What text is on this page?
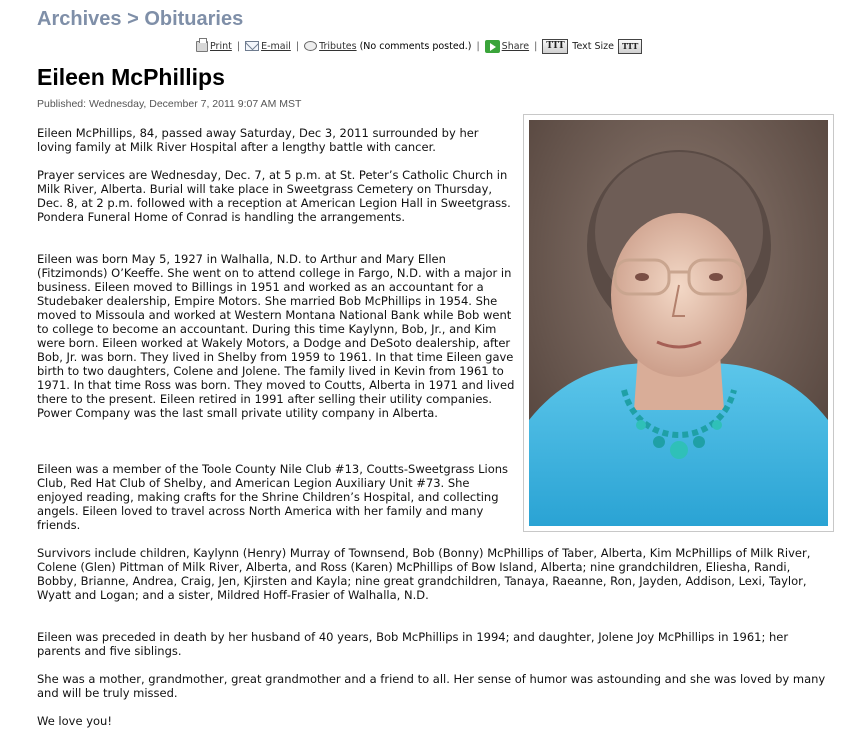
Archives > Obituaries
Print | E-mail | Tributes (No comments posted.) | Share |	TTT Text Size	TTT
Eileen McPhillips
Published: Wednesday, December 7, 2011 9:07 AM MST

Eileen McPhillips, 84, passed away Saturday, Dec 3, 2011 surrounded by her loving family at Milk River Hospital after a lengthy battle with cancer.

Prayer services are Wednesday, Dec. 7, at 5 p.m. at St. Peter’s Catholic Church in Milk River, Alberta. Burial will take place in Sweetgrass Cemetery on Thursday, Dec. 8, at 2 p.m. followed with a reception at American Legion Hall in Sweetgrass. Pondera Funeral Home of Conrad is handling the arrangements.

Eileen was born May 5, 1927 in Walhalla, N.D. to Arthur and Mary Ellen (Fitzimonds) O’Keeffe. She went on to attend college in Fargo, N.D. with a major in business. Eileen moved to Billings in 1951 and worked as an accountant for a Studebaker dealership, Empire Motors. She married Bob McPhillips in 1954. She moved to Missoula and worked at Western Montana National Bank while Bob went to college to become an accountant. During this time Kaylynn, Bob, Jr., and Kim were born. Eileen worked at Wakely Motors, a Dodge and DeSoto dealership, after Bob, Jr. was born. They lived in Shelby from 1959 to 1961. In that time Eileen gave birth to two daughters, Colene and Jolene. The family lived in Kevin from 1961 to 1971. In that time Ross was born. They moved to Coutts, Alberta in 1971 and lived there to the present. Eileen retired in 1991 after selling their utility companies. Power Company was the last small private utility company in Alberta.

Eileen was a member of the Toole County Nile Club #13, Coutts-Sweetgrass Lions Club, Red Hat Club of Shelby, and American Legion Auxiliary Unit #73. She enjoyed reading, making crafts for the Shrine Children’s Hospital, and collecting angels. Eileen loved to travel across North America with her family and many friends.

Survivors include children, Kaylynn (Henry) Murray of Townsend, Bob (Bonny) McPhillips of Taber, Alberta, Kim McPhillips of Milk River, Colene (Glen) Pittman of Milk River, Alberta, and Ross (Karen) McPhillips of Bow Island, Alberta; nine grandchildren, Eliesha, Randi, Bobby, Brianne, Andrea, Craig, Jen, Kjirsten and Kayla; nine great grandchildren, Tanaya, Raeanne, Ron, Jayden, Addison, Lexi, Taylor, Wyatt and Logan; and a sister, Mildred Hoff-Frasier of Walhalla, N.D.

Eileen was preceded in death by her husband of 40 years, Bob McPhillips in 1994; and daughter, Jolene Joy McPhillips in 1961; her parents and five siblings.

She was a mother, grandmother, great grandmother and a friend to all. Her sense of humor was astounding and she was loved by many and will be truly missed.

We love you!
